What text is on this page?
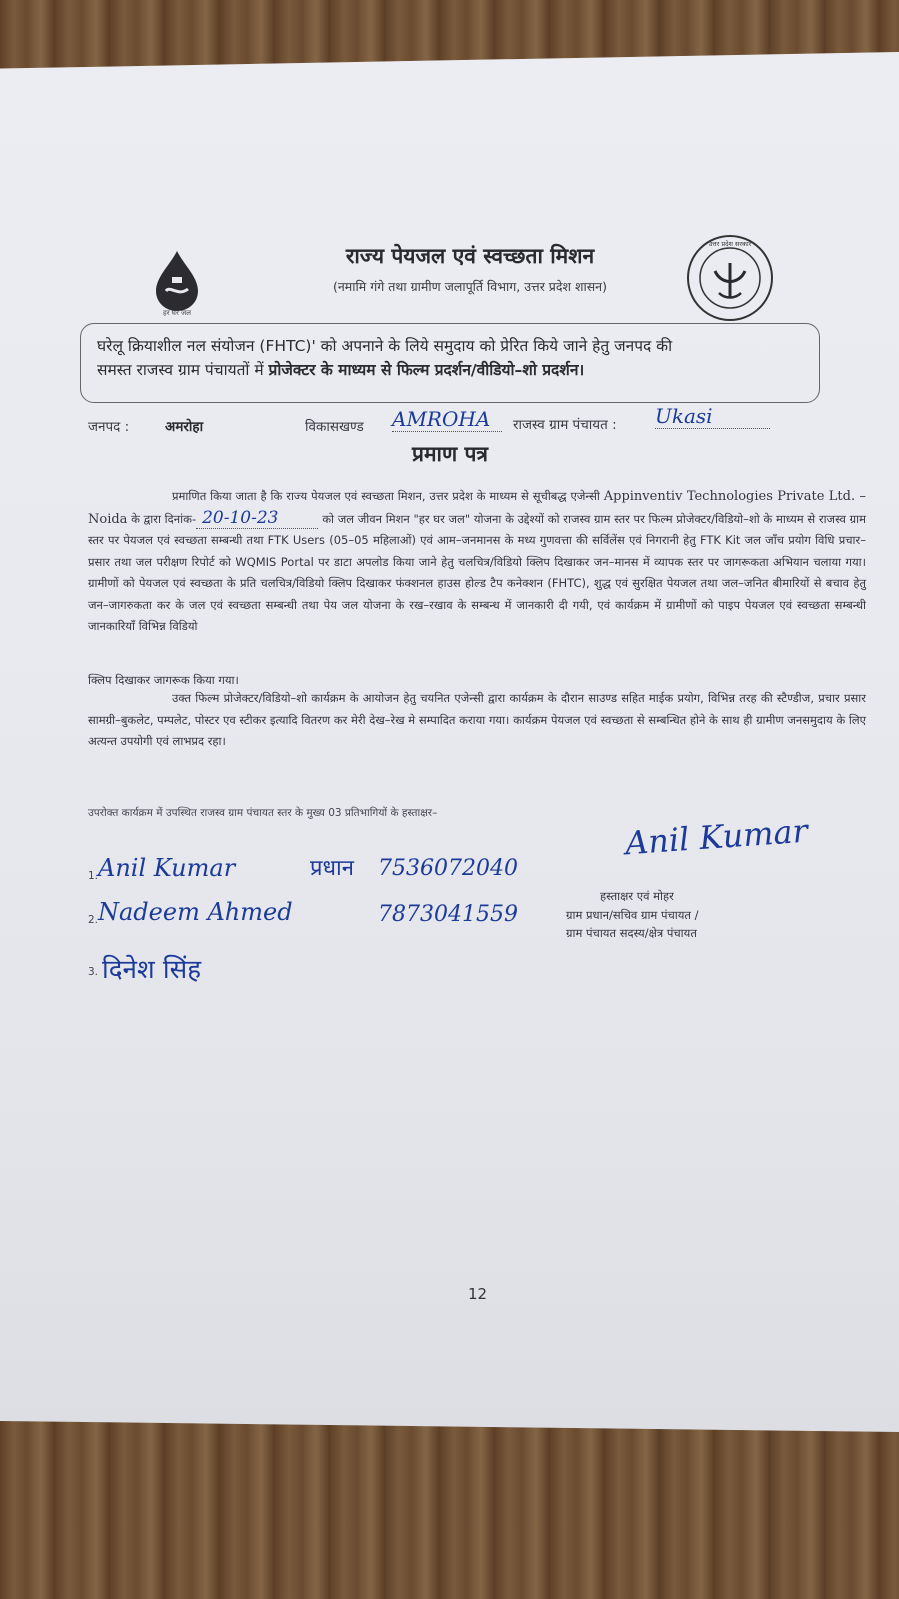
हर घर जल
उत्तर प्रदेश सरकार
राज्य पेयजल एवं स्वच्छता मिशन
(नमामि गंगे तथा ग्रामीण जलापूर्ति विभाग, उत्तर प्रदेश शासन)
घरेलू क्रियाशील नल संयोजन (FHTC)' को अपनाने के लिये समुदाय को प्रेरित किये जाने हेतु जनपद की
समस्त राजस्व ग्राम पंचायतों में प्रोजेक्टर के माध्यम से फिल्म प्रदर्शन/वीडियो–शो प्रदर्शन।
जनपद :	अमरोहा	विकासखण्ड AMROHA	राजस्व ग्राम पंचायत : Ukasi
प्रमाण पत्र
प्रमाणित किया जाता है कि राज्य पेयजल एवं स्वच्छता मिशन, उत्तर प्रदेश के माध्यम से सूचीबद्ध एजेन्सी Appinventiv Technologies Private Ltd. – Noida के द्वारा दिनांक- 20-10-23	को जल जीवन मिशन "हर घर जल" योजना के उद्देश्यों को राजस्व ग्राम स्तर पर फिल्म प्रोजेक्टर/विडियो–शो के माध्यम से राजस्व ग्राम स्तर पर पेयजल एवं स्वच्छता सम्बन्धी तथा FTK Users (05–05 महिलाओं) एवं आम–जनमानस के मध्य गुणवत्ता की सर्विलेंस एवं निगरानी हेतु FTK Kit जल जाँच प्रयोग विधि प्रचार–प्रसार तथा जल परीक्षण रिपोर्ट को WQMIS Portal पर डाटा अपलोड किया जाने हेतु चलचित्र/विडियो क्लिप दिखाकर जन–मानस में व्यापक स्तर पर जागरूकता अभियान चलाया गया। ग्रामीणों को पेयजल एवं स्वच्छता के प्रति चलचित्र/विडियो क्लिप दिखाकर फंक्शनल हाउस होल्ड टैप कनेक्शन (FHTC), शुद्ध एवं सुरक्षित पेयजल तथा जल–जनित बीमारियों से बचाव हेतु जन–जागरुकता कर के जल एवं स्वच्छता सम्बन्धी तथा पेय जल योजना के रख–रखाव के सम्बन्ध में जानकारी दी गयी, एवं कार्यक्रम में ग्रामीणों को पाइप पेयजल एवं स्वच्छता सम्बन्धी जानकारियाँ विभिन्न विडियो
क्लिप दिखाकर जागरूक किया गया।
उक्त फिल्म प्रोजेक्टर/विडियो–शो कार्यक्रम के आयोजन हेतु चयनित एजेन्सी द्वारा कार्यक्रम के दौरान साउण्ड सहित माईक प्रयोग, विभिन्न तरह की स्टैण्डीज, प्रचार प्रसार सामग्री–बुकलेट, पम्पलेट, पोस्टर एव स्टीकर इत्यादि वितरण कर मेरी देख–रेख मे सम्पादित कराया गया। कार्यक्रम पेयजल एवं स्वच्छता से सम्बन्धित होने के साथ ही ग्रामीण जनसमुदाय के लिए अत्यन्त उपयोगी एवं लाभप्रद रहा।
उपरोक्त कार्यक्रम में उपस्थित राजस्व ग्राम पंचायत स्तर के मुख्य 03 प्रतिभागियों के हस्ताक्षर–
1. Anil Kumar	प्रधान 7536072040
2. Nadeem Ahmed	7873041559
3. दिनेश सिंह
Anil Kumar
हस्ताक्षर एवं मोहर
ग्राम प्रधान/सचिव ग्राम पंचायत /
ग्राम पंचायत सदस्य/क्षेत्र पंचायत
12
